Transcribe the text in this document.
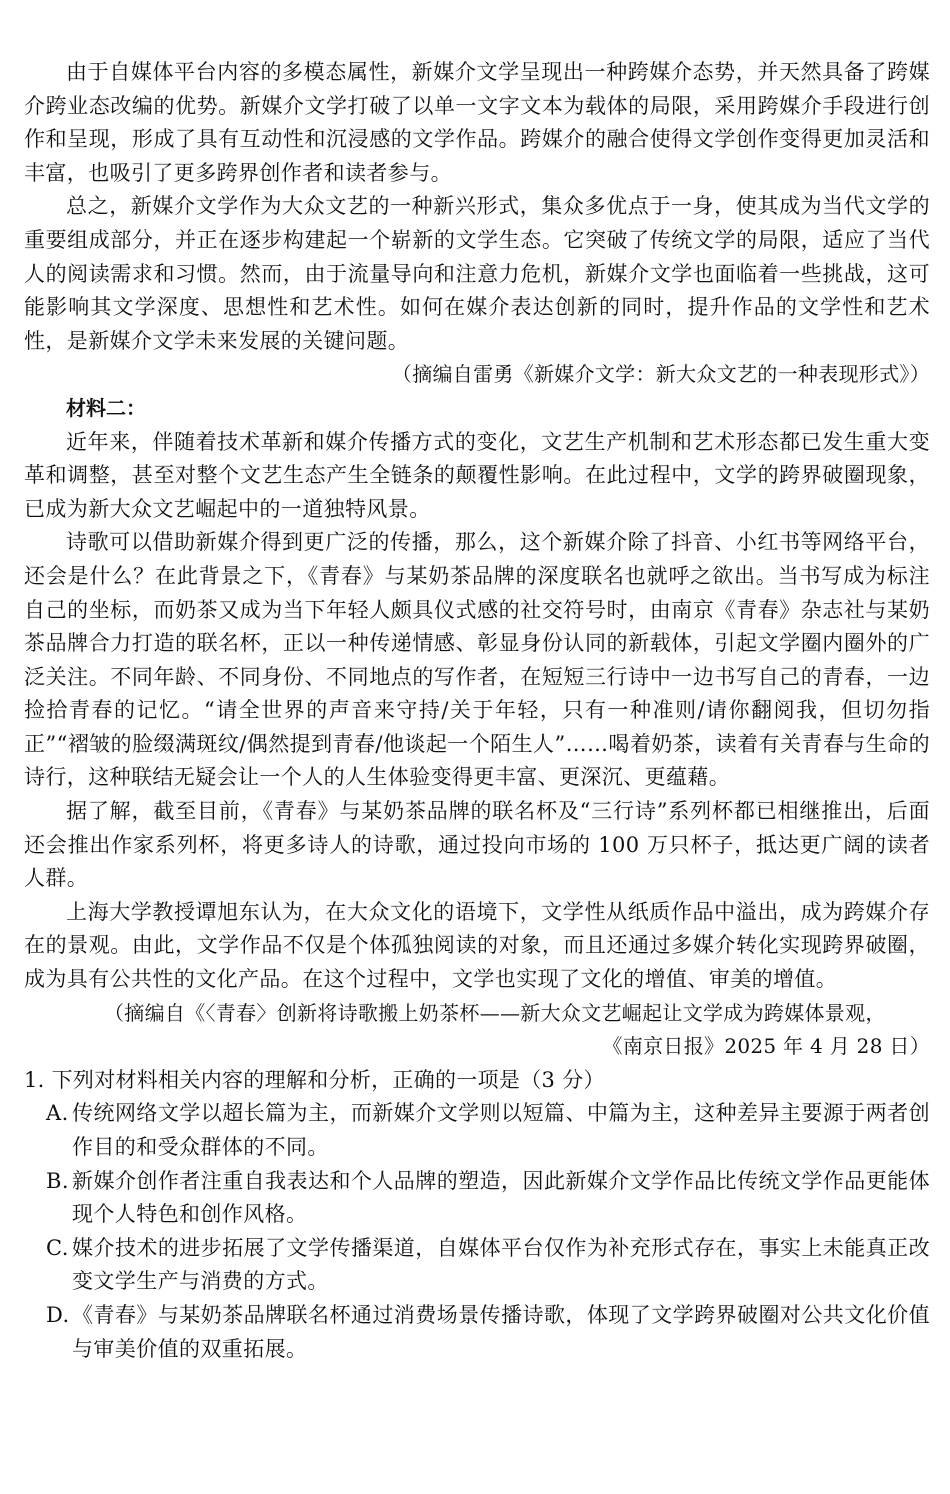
由于自媒体平台内容的多模态属性，新媒介文学呈现出一种跨媒介态势，并天然具备了跨媒介跨业态改编的优势。新媒介文学打破了以单一文字文本为载体的局限，采用跨媒介手段进行创作和呈现，形成了具有互动性和沉浸感的文学作品。跨媒介的融合使得文学创作变得更加灵活和丰富，也吸引了更多跨界创作者和读者参与。

总之，新媒介文学作为大众文艺的一种新兴形式，集众多优点于一身，使其成为当代文学的重要组成部分，并正在逐步构建起一个崭新的文学生态。它突破了传统文学的局限，适应了当代人的阅读需求和习惯。然而，由于流量导向和注意力危机，新媒介文学也面临着一些挑战，这可能影响其文学深度、思想性和艺术性。如何在媒介表达创新的同时，提升作品的文学性和艺术性，是新媒介文学未来发展的关键问题。

（摘编自雷勇《新媒介文学：新大众文艺的一种表现形式》）

材料二：

近年来，伴随着技术革新和媒介传播方式的变化，文艺生产机制和艺术形态都已发生重大变革和调整，甚至对整个文艺生态产生全链条的颠覆性影响。在此过程中，文学的跨界破圈现象，已成为新大众文艺崛起中的一道独特风景。

诗歌可以借助新媒介得到更广泛的传播，那么，这个新媒介除了抖音、小红书等网络平台，还会是什么？在此背景之下，《青春》与某奶茶品牌的深度联名也就呼之欲出。当书写成为标注自己的坐标，而奶茶又成为当下年轻人颇具仪式感的社交符号时，由南京《青春》杂志社与某奶茶品牌合力打造的联名杯，正以一种传递情感、彰显身份认同的新载体，引起文学圈内圈外的广泛关注。不同年龄、不同身份、不同地点的写作者，在短短三行诗中一边书写自己的青春，一边捡拾青春的记忆。“请全世界的声音来守持/关于年轻，只有一种准则/请你翻阅我，但切勿指正”“褶皱的脸缀满斑纹/偶然提到青春/他谈起一个陌生人”……喝着奶茶，读着有关青春与生命的诗行，这种联结无疑会让一个人的人生体验变得更丰富、更深沉、更蕴藉。

据了解，截至目前，《青春》与某奶茶品牌的联名杯及“三行诗”系列杯都已相继推出，后面还会推出作家系列杯，将更多诗人的诗歌，通过投向市场的 100 万只杯子，抵达更广阔的读者人群。

上海大学教授谭旭东认为，在大众文化的语境下，文学性从纸质作品中溢出，成为跨媒介存在的景观。由此，文学作品不仅是个体孤独阅读的对象，而且还通过多媒介转化实现跨界破圈，成为具有公共性的文化产品。在这个过程中，文学也实现了文化的增值、审美的增值。

（摘编自《〈青春〉创新将诗歌搬上奶茶杯——新大众文艺崛起让文学成为跨媒体景观，
《南京日报》2025 年 4 月 28 日）

1. 下列对材料相关内容的理解和分析，正确的一项是（3 分）

A. 传统网络文学以超长篇为主，而新媒介文学则以短篇、中篇为主，这种差异主要源于两者创作目的和受众群体的不同。

B. 新媒介创作者注重自我表达和个人品牌的塑造，因此新媒介文学作品比传统文学作品更能体现个人特色和创作风格。

C. 媒介技术的进步拓展了文学传播渠道，自媒体平台仅作为补充形式存在，事实上未能真正改变文学生产与消费的方式。

D. 《青春》与某奶茶品牌联名杯通过消费场景传播诗歌，体现了文学跨界破圈对公共文化价值与审美价值的双重拓展。
